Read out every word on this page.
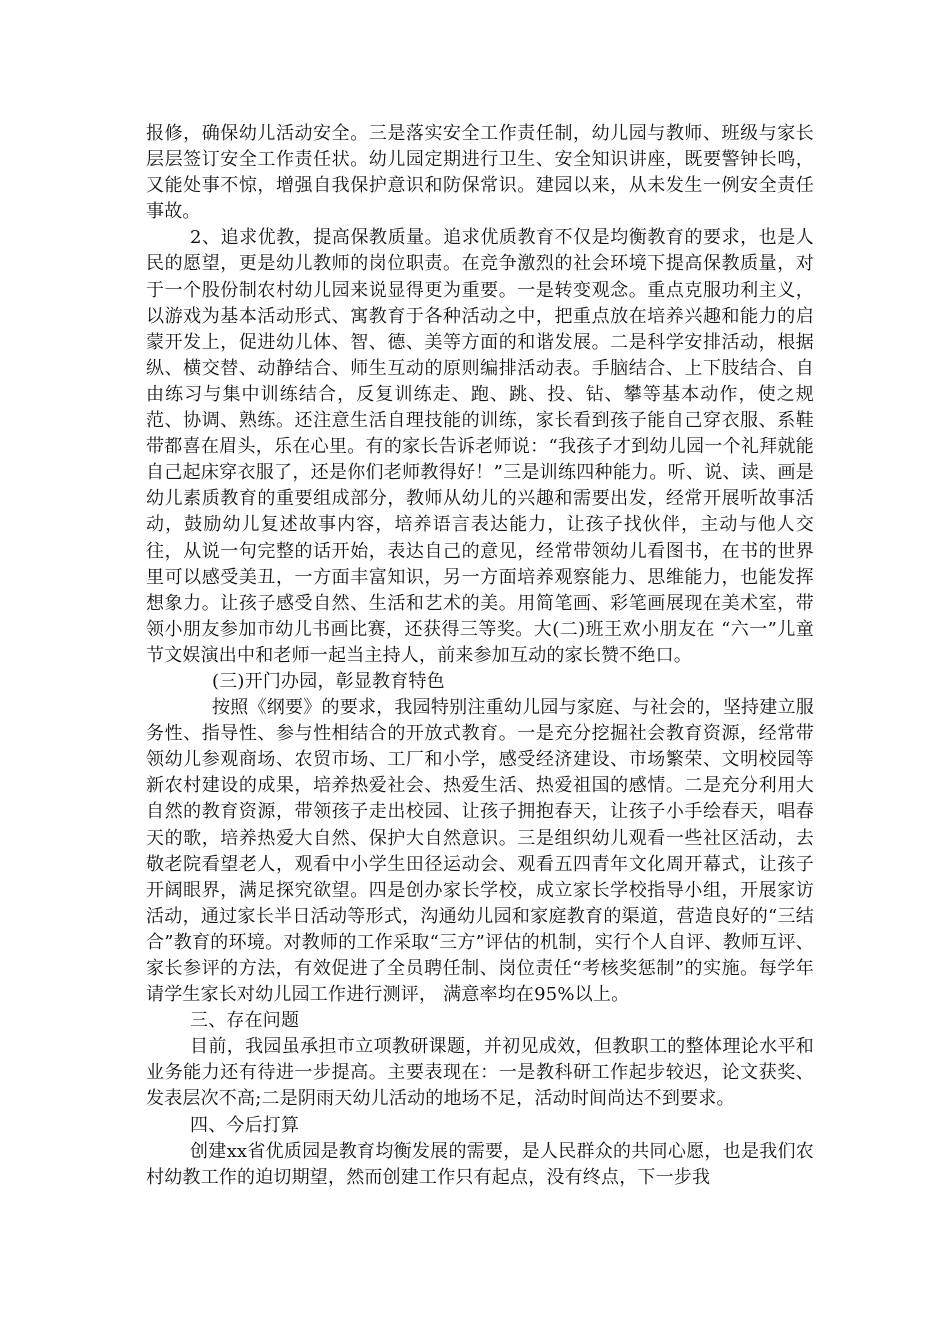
报修，确保幼儿活动安全。三是落实安全工作责任制，幼儿园与教师、班级与家长层层签订安全工作责任状。幼儿园定期进行卫生、安全知识讲座，既要警钟长鸣，又能处事不惊，增强自我保护意识和防保常识。建园以来，从未发生一例安全责任事故。

2、追求优教，提高保教质量。追求优质教育不仅是均衡教育的要求，也是人民的愿望，更是幼儿教师的岗位职责。在竞争激烈的社会环境下提高保教质量，对于一个股份制农村幼儿园来说显得更为重要。一是转变观念。重点克服功利主义，以游戏为基本活动形式、寓教育于各种活动之中，把重点放在培养兴趣和能力的启蒙开发上，促进幼儿体、智、德、美等方面的和谐发展。二是科学安排活动，根据纵、横交替、动静结合、师生互动的原则编排活动表。手脑结合、上下肢结合、自由练习与集中训练结合，反复训练走、跑、跳、投、钻、攀等基本动作，使之规范、协调、熟练。还注意生活自理技能的训练，家长看到孩子能自己穿衣服、系鞋带都喜在眉头，乐在心里。有的家长告诉老师说：“我孩子才到幼儿园一个礼拜就能自己起床穿衣服了，还是你们老师教得好！”三是训练四种能力。听、说、读、画是幼儿素质教育的重要组成部分，教师从幼儿的兴趣和需要出发，经常开展听故事活动，鼓励幼儿复述故事内容，培养语言表达能力，让孩子找伙伴，主动与他人交往，从说一句完整的话开始，表达自己的意见，经常带领幼儿看图书，在书的世界里可以感受美丑，一方面丰富知识，另一方面培养观察能力、思维能力，也能发挥想象力。让孩子感受自然、生活和艺术的美。用简笔画、彩笔画展现在美术室，带领小朋友参加市幼儿书画比赛，还获得三等奖。大(二)班王欢小朋友在 “六一”儿童节文娱演出中和老师一起当主持人，前来参加互动的家长赞不绝口。

(三)开门办园，彰显教育特色

按照《纲要》的要求，我园特别注重幼儿园与家庭、与社会的，坚持建立服务性、指导性、参与性相结合的开放式教育。一是充分挖掘社会教育资源，经常带领幼儿参观商场、农贸市场、工厂和小学，感受经济建设、市场繁荣、文明校园等新农村建设的成果，培养热爱社会、热爱生活、热爱祖国的感情。二是充分利用大自然的教育资源，带领孩子走出校园、让孩子拥抱春天，让孩子小手绘春天，唱春天的歌，培养热爱大自然、保护大自然意识。三是组织幼儿观看一些社区活动，去敬老院看望老人，观看中小学生田径运动会、观看五四青年文化周开幕式，让孩子开阔眼界，满足探究欲望。四是创办家长学校，成立家长学校指导小组，开展家访活动，通过家长半日活动等形式，沟通幼儿园和家庭教育的渠道，营造良好的“三结合”教育的环境。对教师的工作采取“三方”评估的机制，实行个人自评、教师互评、家长参评的方法，有效促进了全员聘任制、岗位责任“考核奖惩制”的实施。每学年请学生家长对幼儿园工作进行测评， 满意率均在95%以上。

三、存在问题

目前，我园虽承担市立项教研课题，并初见成效，但教职工的整体理论水平和业务能力还有待进一步提高。主要表现在：一是教科研工作起步较迟，论文获奖、发表层次不高;二是阴雨天幼儿活动的地场不足，活动时间尚达不到要求。

四、今后打算

创建xx省优质园是教育均衡发展的需要，是人民群众的共同心愿，也是我们农村幼教工作的迫切期望，然而创建工作只有起点，没有终点，下一步我
